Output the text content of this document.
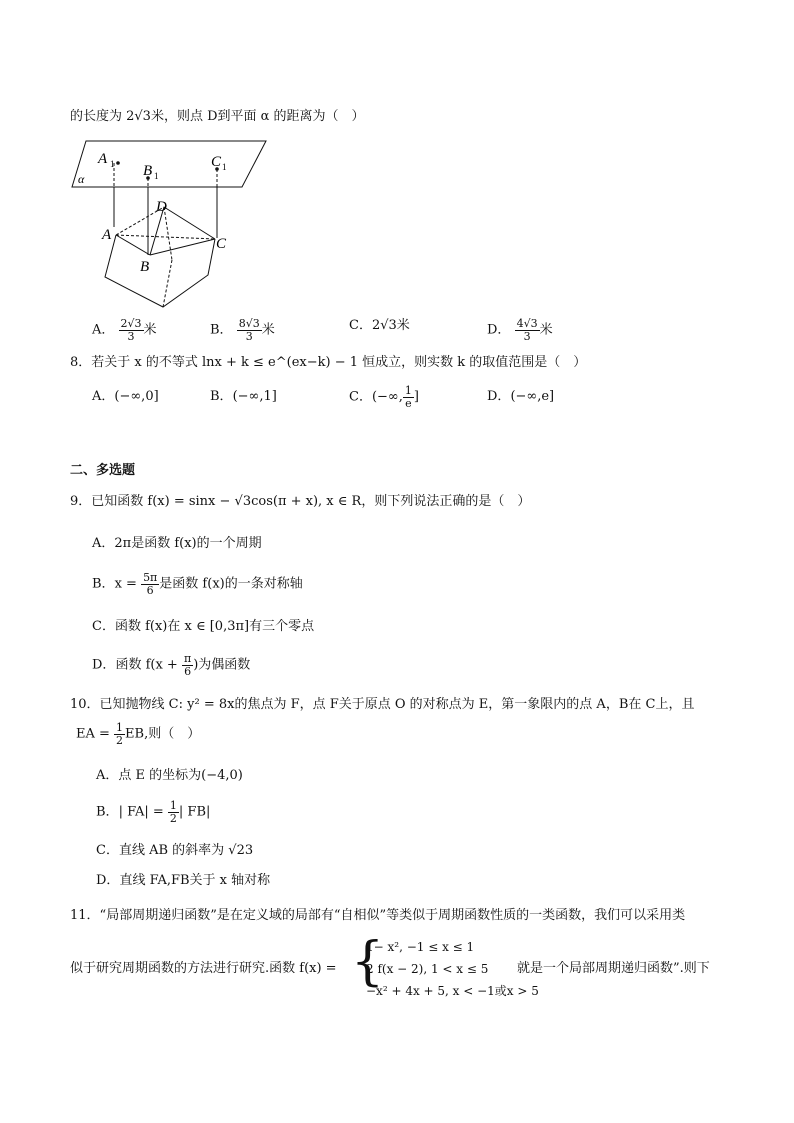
的长度为 2√3米，则点 D到平面 α 的距离为（　）
A 1 B 1
C 1
α
A
B
C
D
A． $\frac{2√3}{3}$ 米	B． $\frac{8√3}{3}$ 米	C．2√3米	D． $\frac{4√3}{3}$ 米
8．若关于 x 的不等式 lnx + k ≤ e^(ex−k) − 1 恒成立，则实数 k 的取值范围是（　）
A．(−∞,0]	B．(−∞,1]	C．(−∞, $\frac{1}{e}$ ]	D．(−∞,e]
二、多选题
9．已知函数 f(x) = sinx − √3cos(π + x), x ∈ R，则下列说法正确的是（　）
A．2π是函数 f(x)的一个周期
B．$x = \frac{5\pi}{6}$ 是函数 f(x)的一条对称轴
C．函数 f(x)在 x ∈ [0,3π]有三个零点
D．函数 $f(x + \frac{\pi}{6}$ )为偶函数
10．已知抛物线 C: y² = 8x的焦点为 F，点 F关于原点 O 的对称点为 E，第一象限内的点 A，B在 C上，且
EA = $\frac{1}{2}$ EB,则（　）
A．点 E 的坐标为(−4,0)
B．| $FA| = \frac{1}{2}$ | FB|
C．直线 AB 的斜率为 √23
D．直线 FA,FB关于 x 轴对称
11．“局部周期递归函数”是在定义域的局部有“自相似”等类似于周期函数性质的一类函数，我们可以采用类
似于研究周期函数的方法进行研究.函数 f(x) = {
1− x², −1 ≤ x ≤ 1
2 f(x − 2), 1 < x ≤ 5
−x² + 4x + 5, x < −1或x > 5
就是一个局部周期递归函数”.则下
